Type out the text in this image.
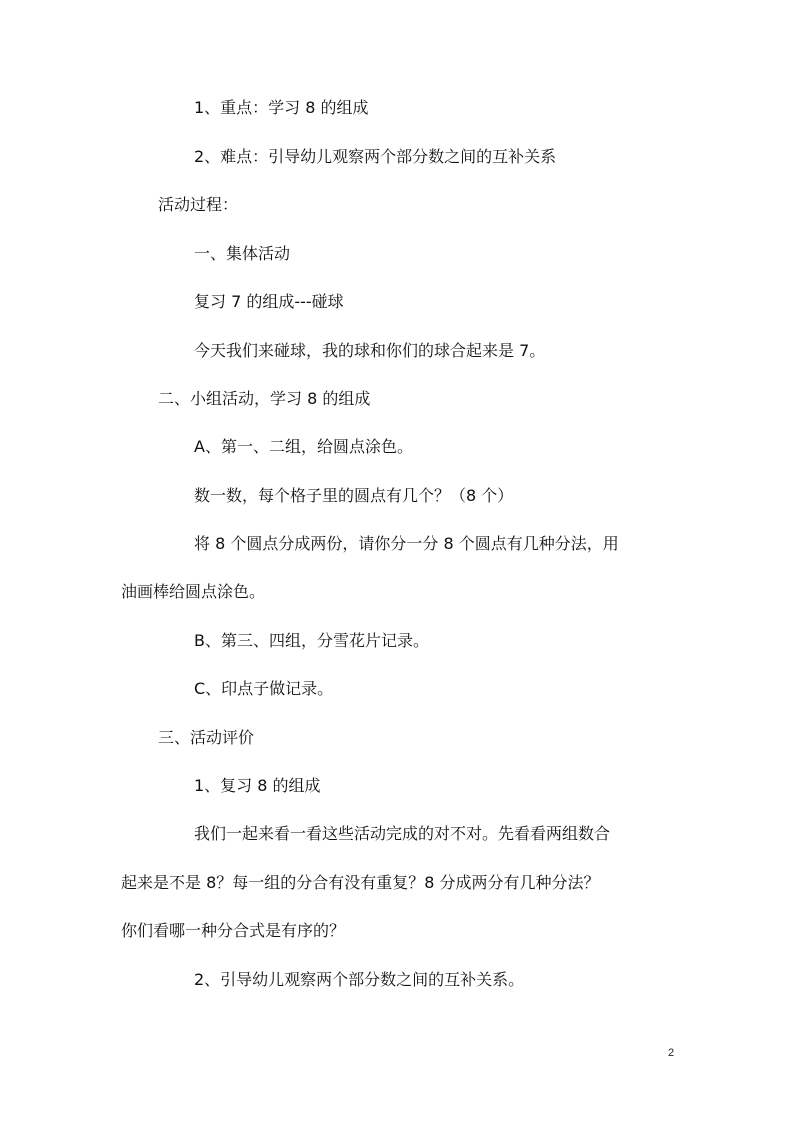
1、重点：学习 8 的组成
2、难点：引导幼儿观察两个部分数之间的互补关系
活动过程：
一、集体活动
复习 7 的组成---碰球
今天我们来碰球，我的球和你们的球合起来是 7。
二、小组活动，学习 8 的组成
A、第一、二组，给圆点涂色。
数一数，每个格子里的圆点有几个？（8 个）
将 8 个圆点分成两份，请你分一分 8 个圆点有几种分法，用
油画棒给圆点涂色。
B、第三、四组，分雪花片记录。
C、印点子做记录。
三、活动评价
1、复习 8 的组成
我们一起来看一看这些活动完成的对不对。先看看两组数合
起来是不是 8？每一组的分合有没有重复？8 分成两分有几种分法？
你们看哪一种分合式是有序的？
2、引导幼儿观察两个部分数之间的互补关系。
2
